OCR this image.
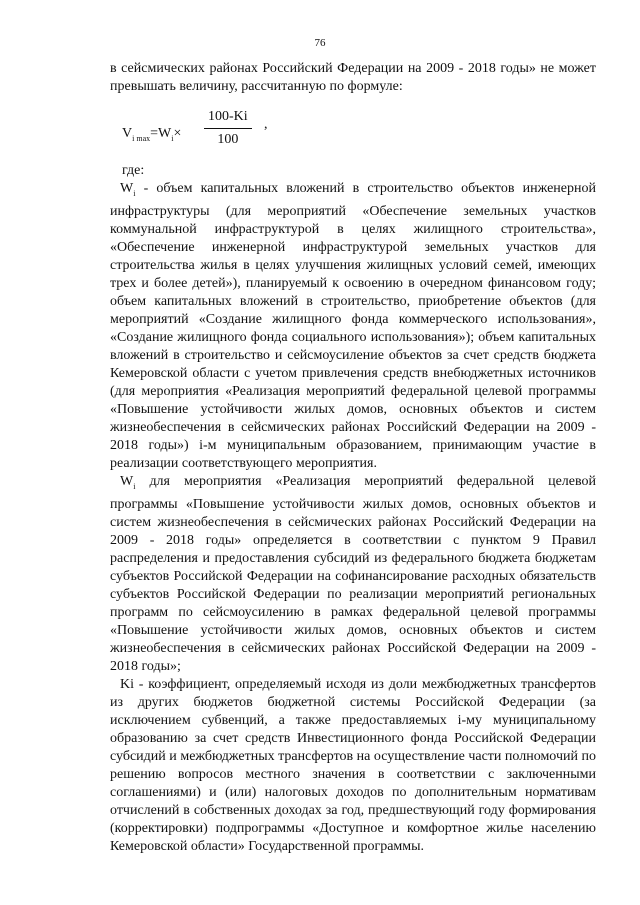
76

в сейсмических районах Российский Федерации на 2009 - 2018 годы» не может превышать величину, рассчитанную по формуле:

$V_{i max}=W_i\times \frac{100-Ki}{100}$ ,

где:

$W_i$ - объем капитальных вложений в строительство объектов инженерной инфраструктуры (для мероприятий «Обеспечение земельных участков коммунальной инфраструктурой в целях жилищного строительства», «Обеспечение инженерной инфраструктурой земельных участков для строительства жилья в целях улучшения жилищных условий семей, имеющих трех и более детей»), планируемый к освоению в очередном финансовом году; объем капитальных вложений в строительство, приобретение объектов (для мероприятий «Создание жилищного фонда коммерческого использования», «Создание жилищного фонда социального использования»); объем капитальных вложений в строительство и сейсмоусиление объектов за счет средств бюджета Кемеровской области с учетом привлечения средств внебюджетных источников (для мероприятия «Реализация мероприятий федеральной целевой программы «Повышение устойчивости жилых домов, основных объектов и систем жизнеобеспечения в сейсмических районах Российский Федерации на 2009 - 2018 годы») i-м муниципальным образованием, принимающим участие в реализации соответствующего мероприятия.

$W_i$ для мероприятия «Реализация мероприятий федеральной целевой программы «Повышение устойчивости жилых домов, основных объектов и систем жизнеобеспечения в сейсмических районах Российский Федерации на 2009 - 2018 годы» определяется в соответствии с пунктом 9 Правил распределения и предоставления субсидий из федерального бюджета бюджетам субъектов Российской Федерации на софинансирование расходных обязательств субъектов Российской Федерации по реализации мероприятий региональных программ по сейсмоусилению в рамках федеральной целевой программы «Повышение устойчивости жилых домов, основных объектов и систем жизнеобеспечения в сейсмических районах Российской Федерации на 2009 - 2018 годы»;

Ki - коэффициент, определяемый исходя из доли межбюджетных трансфертов из других бюджетов бюджетной системы Российской Федерации (за исключением субвенций, а также предоставляемых i-му муниципальному образованию за счет средств Инвестиционного фонда Российской Федерации субсидий и межбюджетных трансфертов на осуществление части полномочий по решению вопросов местного значения в соответствии с заключенными соглашениями) и (или) налоговых доходов по дополнительным нормативам отчислений в собственных доходах за год, предшествующий году формирования (корректировки) подпрограммы «Доступное и комфортное жилье населению Кемеровской области» Государственной программы.
